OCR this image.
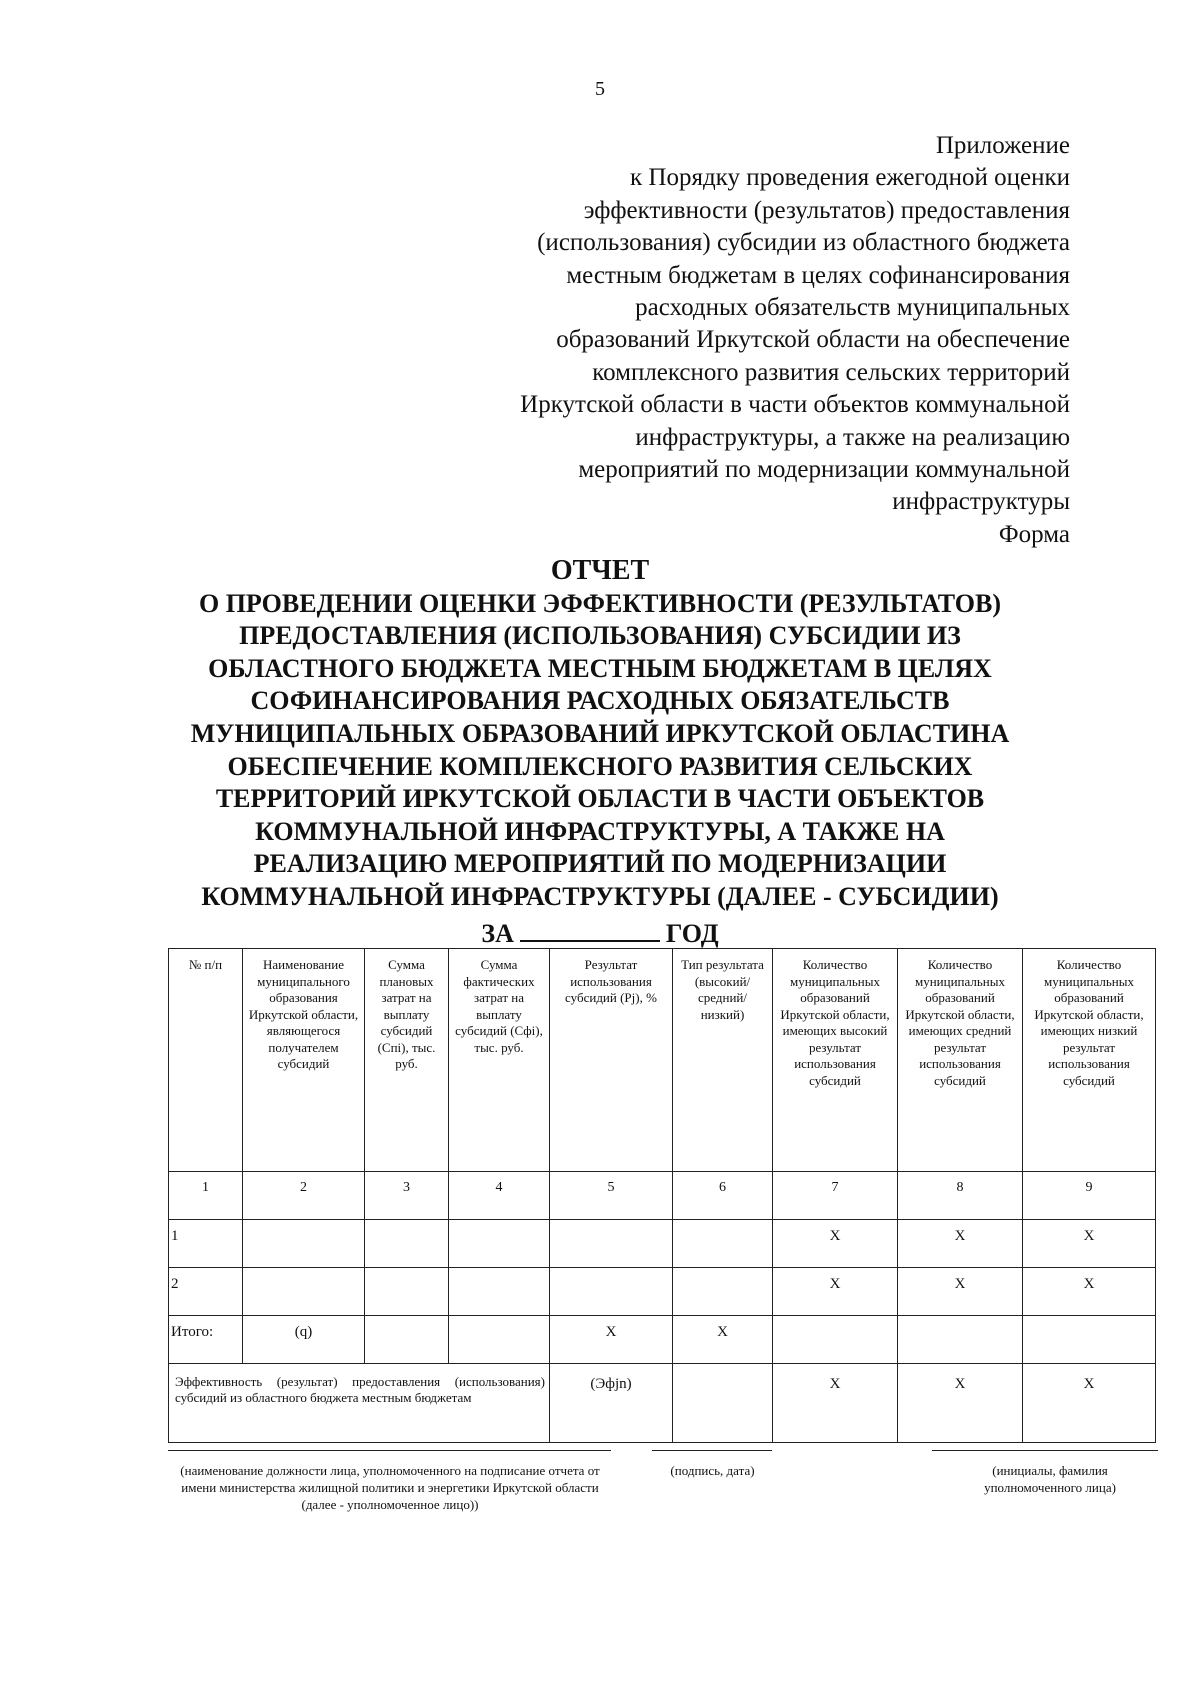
5
Приложение
к Порядку проведения ежегодной оценки
эффективности (результатов) предоставления
(использования) субсидии из областного бюджета
местным бюджетам в целях софинансирования
расходных обязательств муниципальных
образований Иркутской области на обеспечение
комплексного развития сельских территорий
Иркутской области в части объектов коммунальной
инфраструктуры, а также на реализацию
мероприятий по модернизации коммунальной
инфраструктуры
Форма
ОТЧЕТ
О ПРОВЕДЕНИИ ОЦЕНКИ ЭФФЕКТИВНОСТИ (РЕЗУЛЬТАТОВ)
ПРЕДОСТАВЛЕНИЯ (ИСПОЛЬЗОВАНИЯ) СУБСИДИИ ИЗ
ОБЛАСТНОГО БЮДЖЕТА МЕСТНЫМ БЮДЖЕТАМ В ЦЕЛЯХ
СОФИНАНСИРОВАНИЯ РАСХОДНЫХ ОБЯЗАТЕЛЬСТВ
МУНИЦИПАЛЬНЫХ ОБРАЗОВАНИЙ ИРКУТСКОЙ ОБЛАСТИНА
ОБЕСПЕЧЕНИЕ КОМПЛЕКСНОГО РАЗВИТИЯ СЕЛЬСКИХ
ТЕРРИТОРИЙ ИРКУТСКОЙ ОБЛАСТИ В ЧАСТИ ОБЪЕКТОВ
КОММУНАЛЬНОЙ ИНФРАСТРУКТУРЫ, А ТАКЖЕ НА
РЕАЛИЗАЦИЮ МЕРОПРИЯТИЙ ПО МОДЕРНИЗАЦИИ
КОММУНАЛЬНОЙ ИНФРАСТРУКТУРЫ (ДАЛЕЕ - СУБСИДИИ)
ЗА	ГОД
№ п/п	Наименование муниципального образования Иркутской области, являющегося получателем субсидий	Сумма плановых затрат на выплату субсидий (Cпi), тыс. руб.	Сумма фактических затрат на выплату субсидий (Сфi), тыс. руб.	Результат использования субсидий (Pj), %	Тип результата (высокий/ средний/ низкий)	Количество муниципальных образований Иркутской области, имеющих высокий результат использования субсидий	Количество муниципальных образований Иркутской области, имеющих средний результат использования субсидий	Количество муниципальных образований Иркутской области, имеющих низкий результат использования субсидий
1	2	3	4	5	6	7	8	9
1						X	X	X
2						X	X	X
Итого:	(q)			X	X			
Эффективность (результат) предоставления (использования) субсидий из областного бюджета местным бюджетам				(Эфjn)		X	X	X
(наименование должности лица, уполномоченного на подписание отчета от имени министерства жилищной политики и энергетики Иркутской области (далее - уполномоченное лицо))
(подпись, дата)	(инициалы, фамилия уполномоченного лица)
